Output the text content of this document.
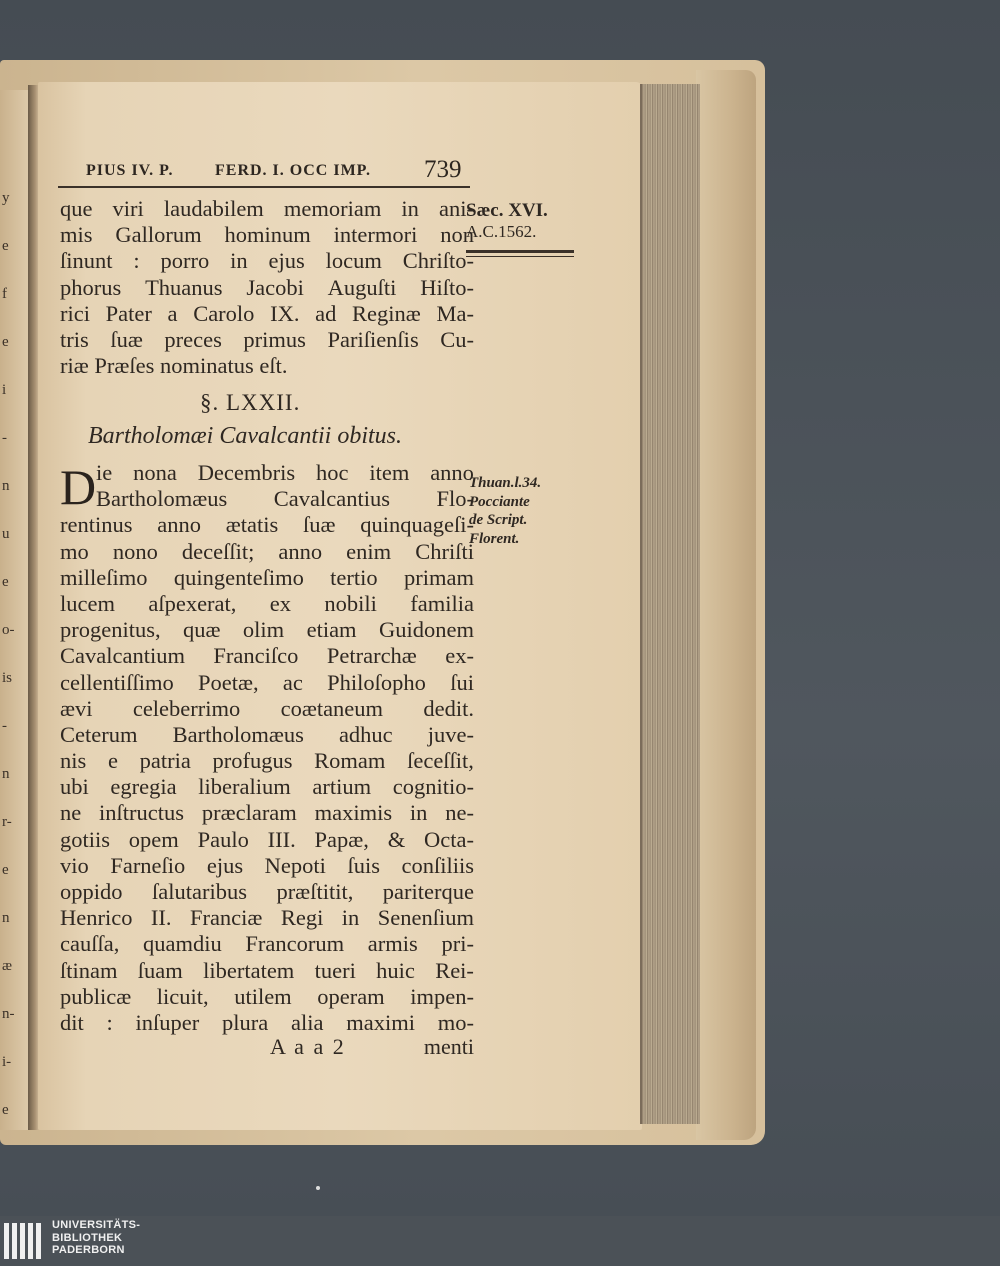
y
e
f
e
i
-
n
u
e
o-
is
-
n
r-
e
n
æ
n-
i-
e
PIUS IV. P.	FERD. I. OCC IMP. 739
Sæc. XVI.
A.C.1562.
que viri laudabilem memoriam in ani-
mis Gallorum hominum intermori non
ſinunt : porro in ejus locum Chriſto-
phorus Thuanus Jacobi Auguſti Hiſto-
rici Pater a Carolo IX. ad Reginæ Ma-
tris ſuæ preces primus Pariſienſis Cu-
riæ Præſes nominatus eſt.
§. LXXII.
Bartholomæi Cavalcantii obitus.
D ie nona Decembris hoc item anno
Bartholomæus Cavalcantius Flo-
rentinus anno ætatis ſuæ quinquageſi-
mo nono deceſſit; anno enim Chriſti
milleſimo quingenteſimo tertio primam
lucem aſpexerat, ex nobili familia
progenitus, quæ olim etiam Guidonem
Cavalcantium Franciſco Petrarchæ ex-
cellentiſſimo Poetæ, ac Philoſopho ſui
ævi celeberrimo coætaneum dedit.
Ceterum Bartholomæus adhuc juve-
nis e patria profugus Romam ſeceſſit,
ubi egregia liberalium artium cognitio-
ne inſtructus præclaram maximis in ne-
gotiis opem Paulo III. Papæ, & Octa-
vio Farneſio ejus Nepoti ſuis conſiliis
oppido ſalutaribus præſtitit, pariterque
Henrico II. Franciæ Regi in Senenſium
cauſſa, quamdiu Francorum armis pri-
ſtinam ſuam libertatem tueri huic Rei-
publicæ licuit, utilem operam impen-
dit : inſuper plura alia maximi mo-
Thuan.l.34.
Pocciante
de Script.
Florent.
A a a 2	menti
UNIVERSITÄTS-
BIBLIOTHEK
PADERBORN
